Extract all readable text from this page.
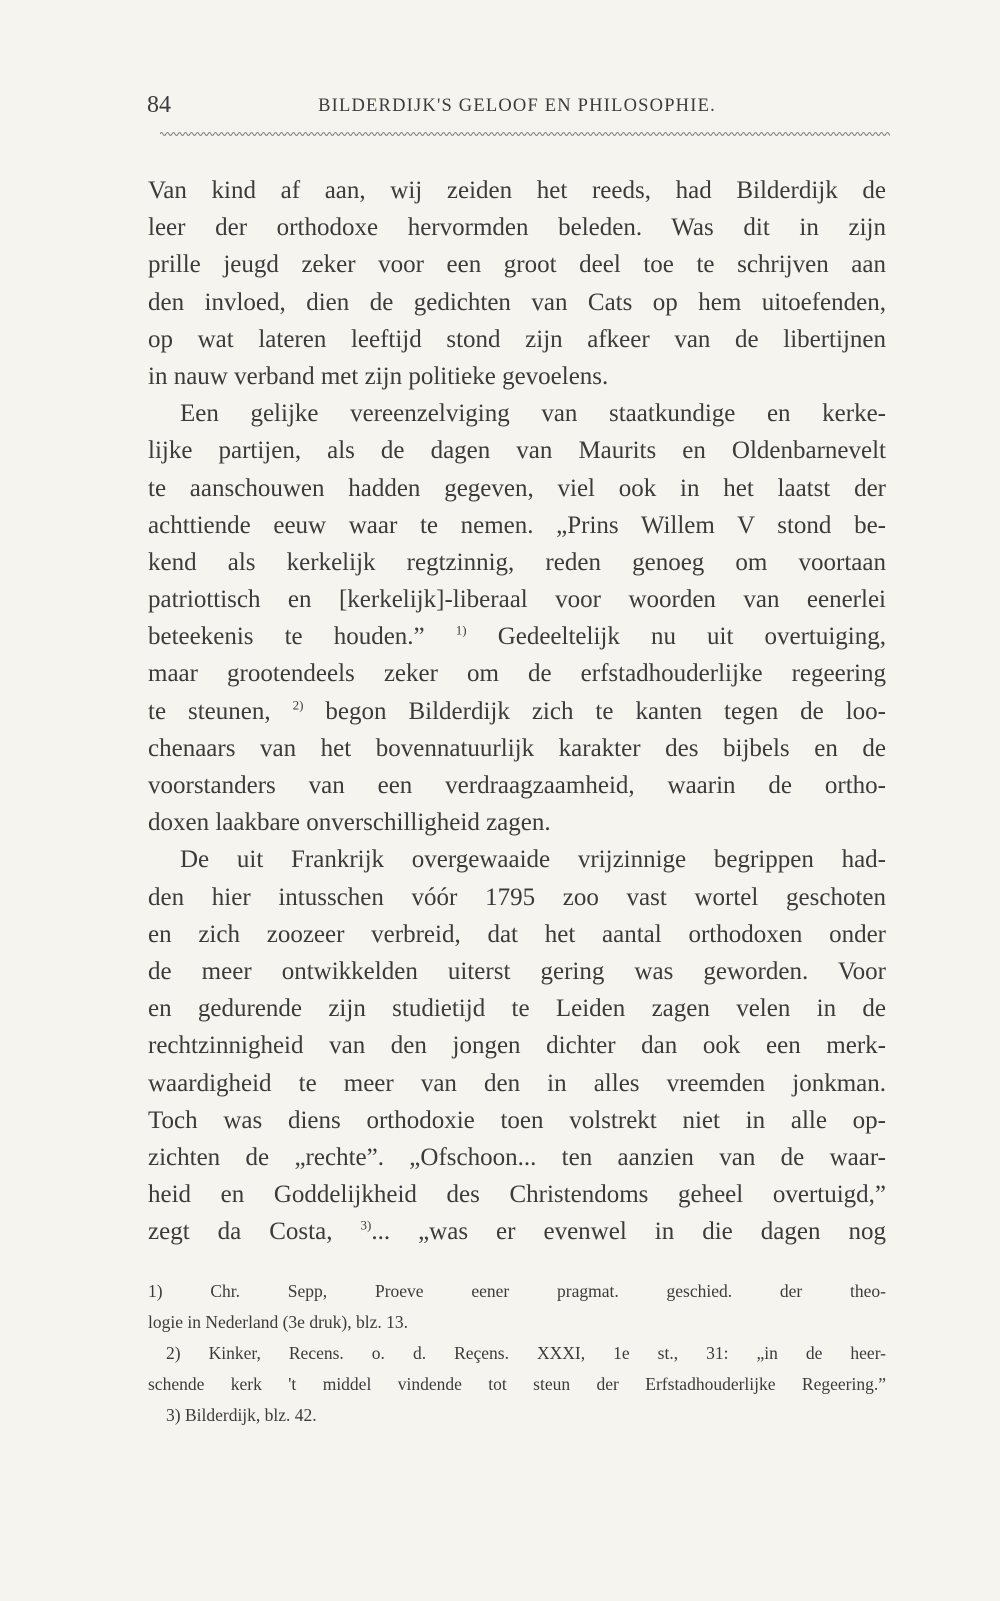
84	BILDERDIJK'S GELOOF EN PHILOSOPHIE.
Van kind af aan, wij zeiden het reeds, had Bilderdijk de
leer der orthodoxe hervormden beleden. Was dit in zijn
prille jeugd zeker voor een groot deel toe te schrijven aan
den invloed, dien de gedichten van Cats op hem uitoefenden,
op wat lateren leeftijd stond zijn afkeer van de libertijnen
in nauw verband met zijn politieke gevoelens.
Een gelijke vereenzelviging van staatkundige en kerke-
lijke partijen, als de dagen van Maurits en Oldenbarnevelt
te aanschouwen hadden gegeven, viel ook in het laatst der
achttiende eeuw waar te nemen. „Prins Willem V stond be-
kend als kerkelijk regtzinnig, reden genoeg om voortaan
patriottisch en [kerkelijk]-liberaal voor woorden van eenerlei
beteekenis te houden.” $^{1)}$ Gedeeltelijk nu uit overtuiging,
maar grootendeels zeker om de erfstadhouderlijke regeering
te steunen, $^{2)}$ begon Bilderdijk zich te kanten tegen de loo-
chenaars van het bovennatuurlijk karakter des bijbels en de
voorstanders van een verdraagzaamheid, waarin de ortho-
doxen laakbare onverschilligheid zagen.
De uit Frankrijk overgewaaide vrijzinnige begrippen had-
den hier intusschen vóór 1795 zoo vast wortel geschoten
en zich zoozeer verbreid, dat het aantal orthodoxen onder
de meer ontwikkelden uiterst gering was geworden. Voor
en gedurende zijn studietijd te Leiden zagen velen in de
rechtzinnigheid van den jongen dichter dan ook een merk-
waardigheid te meer van den in alles vreemden jonkman.
Toch was diens orthodoxie toen volstrekt niet in alle op-
zichten de „rechte”. „Ofschoon... ten aanzien van de waar-
heid en Goddelijkheid des Christendoms geheel overtuigd,”
zegt da Costa, $^{3)}$... „was er evenwel in die dagen nog
1) Chr. Sepp, Proeve eener pragmat. geschied. der theo-
logie in Nederland (3e druk), blz. 13.
2) Kinker, Recens. o. d. Reçens. XXXI, 1e st., 31: „in de heer-
schende kerk 't middel vindende tot steun der Erfstadhouderlijke Regeering.”
3) Bilderdijk, blz. 42.
